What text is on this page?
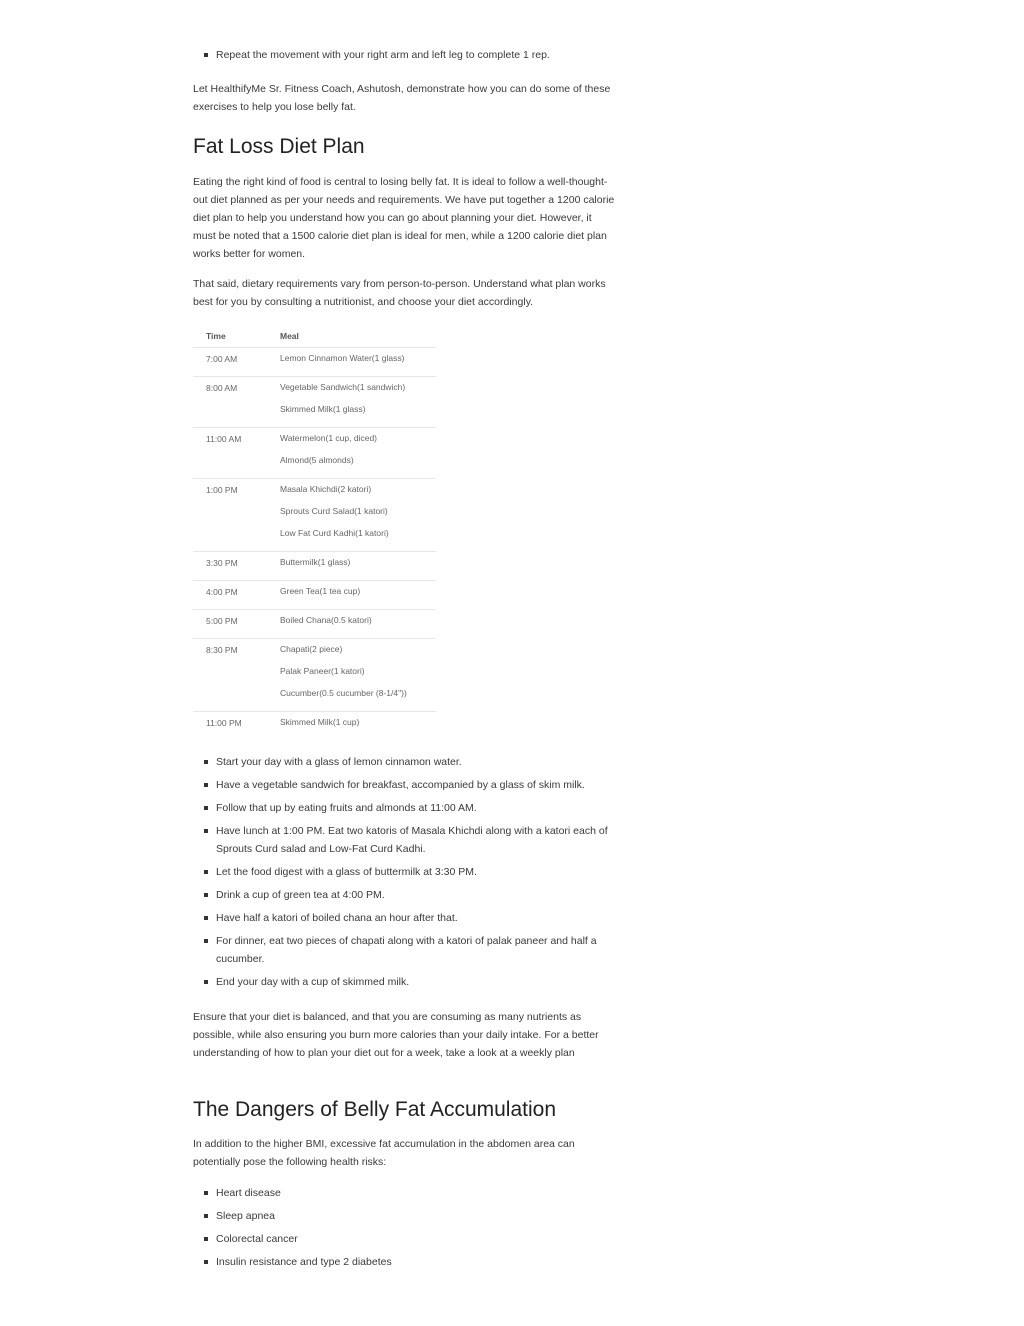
Repeat the movement with your right arm and left leg to complete 1 rep.

Let HealthifyMe Sr. Fitness Coach, Ashutosh, demonstrate how you can do some of these exercises to help you lose belly fat.

Fat Loss Diet Plan

Eating the right kind of food is central to losing belly fat. It is ideal to follow a well-thought-out diet planned as per your needs and requirements. We have put together a 1200 calorie diet plan to help you understand how you can go about planning your diet. However, it must be noted that a 1500 calorie diet plan is ideal for men, while a 1200 calorie diet plan works better for women.

That said, dietary requirements vary from person-to-person. Understand what plan works best for you by consulting a nutritionist, and choose your diet accordingly.

Time	Meal
7:00 AM	Lemon Cinnamon Water(1 glass)

8:00 AM	Vegetable Sandwich(1 sandwich)
Skimmed Milk(1 glass)

11:00 AM	Watermelon(1 cup, diced)
Almond(5 almonds)

1:00 PM	Masala Khichdi(2 katori)
Sprouts Curd Salad(1 katori)
Low Fat Curd Kadhi(1 katori)

3:30 PM	Buttermilk(1 glass)

4:00 PM	Green Tea(1 tea cup)

5:00 PM	Boiled Chana(0.5 katori)

8:30 PM	Chapati(2 piece)
Palak Paneer(1 katori)
Cucumber(0.5 cucumber (8-1/4"))

11:00 PM	Skimmed Milk(1 cup)
Start your day with a glass of lemon cinnamon water.
Have a vegetable sandwich for breakfast, accompanied by a glass of skim milk.
Follow that up by eating fruits and almonds at 11:00 AM.
Have lunch at 1:00 PM. Eat two katoris of Masala Khichdi along with a katori each of Sprouts Curd salad and Low-Fat Curd Kadhi.
Let the food digest with a glass of buttermilk at 3:30 PM.
Drink a cup of green tea at 4:00 PM.
Have half a katori of boiled chana an hour after that.
For dinner, eat two pieces of chapati along with a katori of palak paneer and half a cucumber.
End your day with a cup of skimmed milk.

Ensure that your diet is balanced, and that you are consuming as many nutrients as possible, while also ensuring you burn more calories than your daily intake. For a better understanding of how to plan your diet out for a week, take a look at a weekly plan

The Dangers of Belly Fat Accumulation

In addition to the higher BMI, excessive fat accumulation in the abdomen area can potentially pose the following health risks:

Heart disease
Sleep apnea
Colorectal cancer
Insulin resistance and type 2 diabetes
